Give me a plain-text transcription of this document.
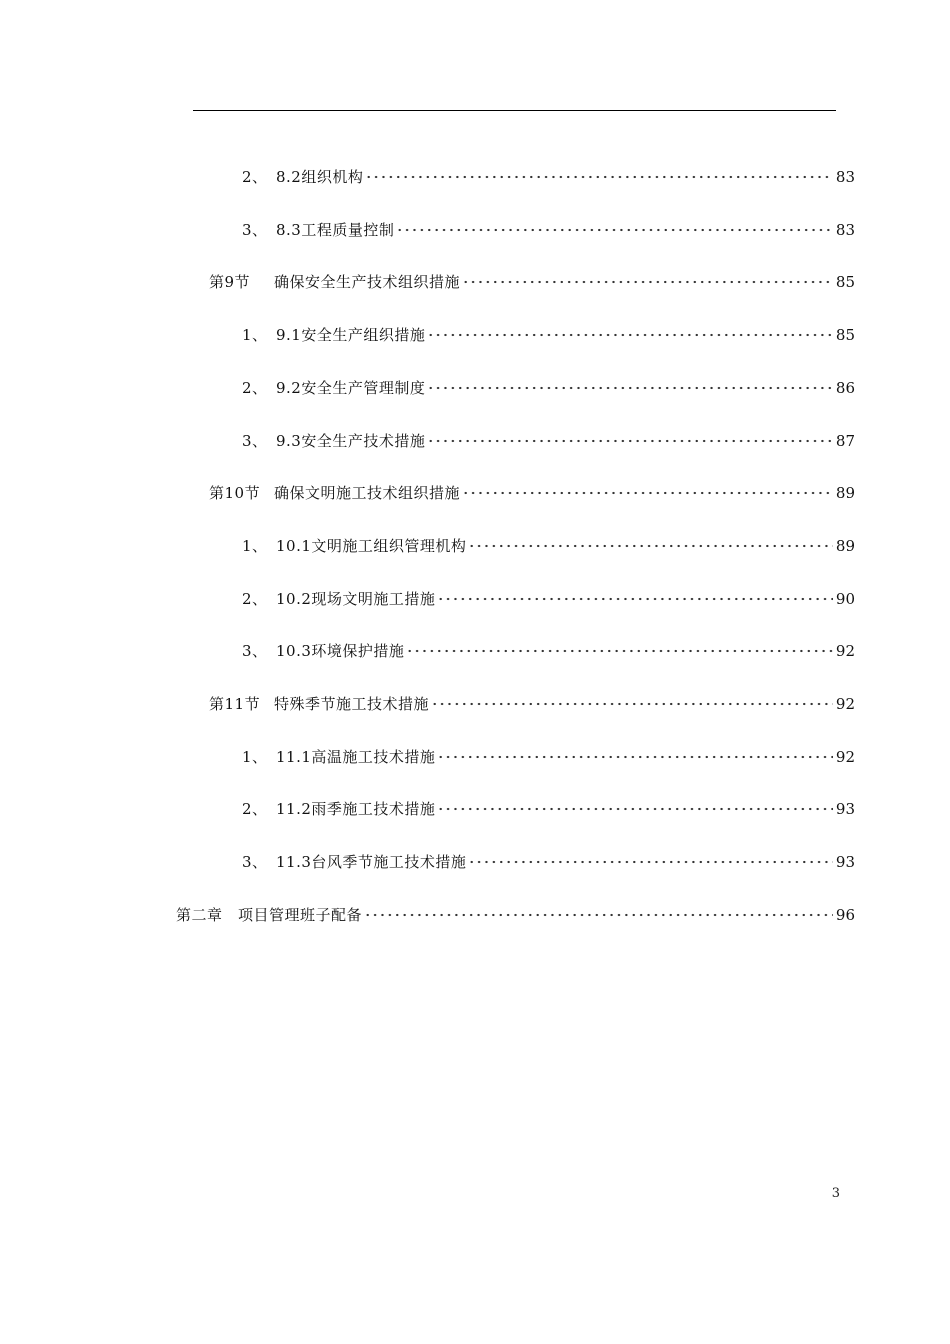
2、 8.2组织机构	83
3、 8.3工程质量控制	83
第9节	确保安全生产技术组织措施	85
1、 9.1安全生产组织措施	85
2、 9.2安全生产管理制度	86
3、 9.3安全生产技术措施	87
第10节 确保文明施工技术组织措施	89
1、 10.1文明施工组织管理机构	89
2、 10.2现场文明施工措施	90
3、 10.3环境保护措施	92
第11节 特殊季节施工技术措施	92
1、 11.1高温施工技术措施	92
2、 11.2雨季施工技术措施	93
3、 11.3台风季节施工技术措施	93
第二章	项目管理班子配备	96
3
